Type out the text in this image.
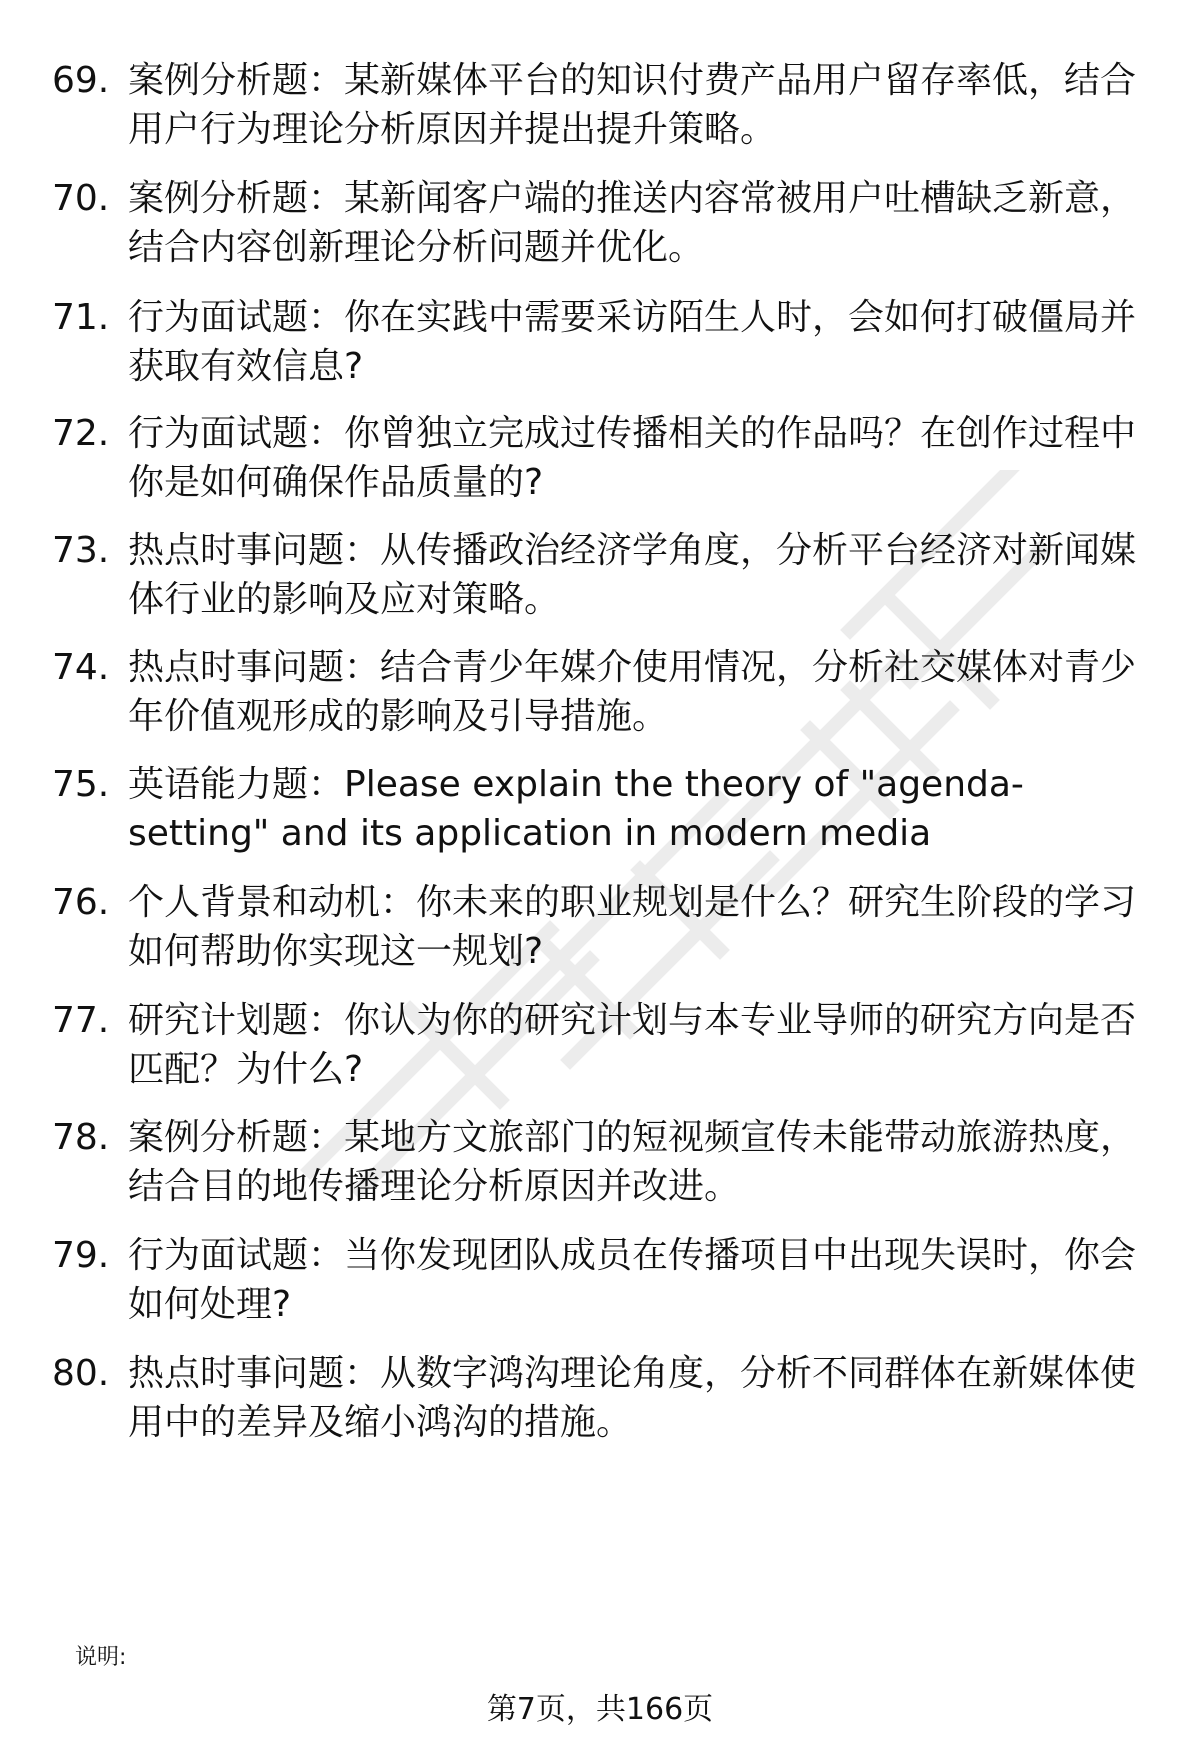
69. 案例分析题：某新媒体平台的知识付费产品用户留存率低，结合用户行为理论分析原因并提出提升策略。
70. 案例分析题：某新闻客户端的推送内容常被用户吐槽缺乏新意，结合内容创新理论分析问题并优化。
71. 行为面试题：你在实践中需要采访陌生人时，会如何打破僵局并获取有效信息?
72. 行为面试题：你曾独立完成过传播相关的作品吗？在创作过程中你是如何确保作品质量的?
73. 热点时事问题：从传播政治经济学角度，分析平台经济对新闻媒体行业的影响及应对策略。
74. 热点时事问题：结合青少年媒介使用情况，分析社交媒体对青少年价值观形成的影响及引导措施。
75. 英语能力题：Please explain the theory of "agenda-setting" and its application in modern media
76. 个人背景和动机：你未来的职业规划是什么？研究生阶段的学习如何帮助你实现这一规划?
77. 研究计划题：你认为你的研究计划与本专业导师的研究方向是否匹配？为什么?
78. 案例分析题：某地方文旅部门的短视频宣传未能带动旅游热度，结合目的地传播理论分析原因并改进。
79. 行为面试题：当你发现团队成员在传播项目中出现失误时，你会如何处理?
80. 热点时事问题：从数字鸿沟理论角度，分析不同群体在新媒体使用中的差异及缩小鸿沟的措施。
说明:
第7页，共166页
